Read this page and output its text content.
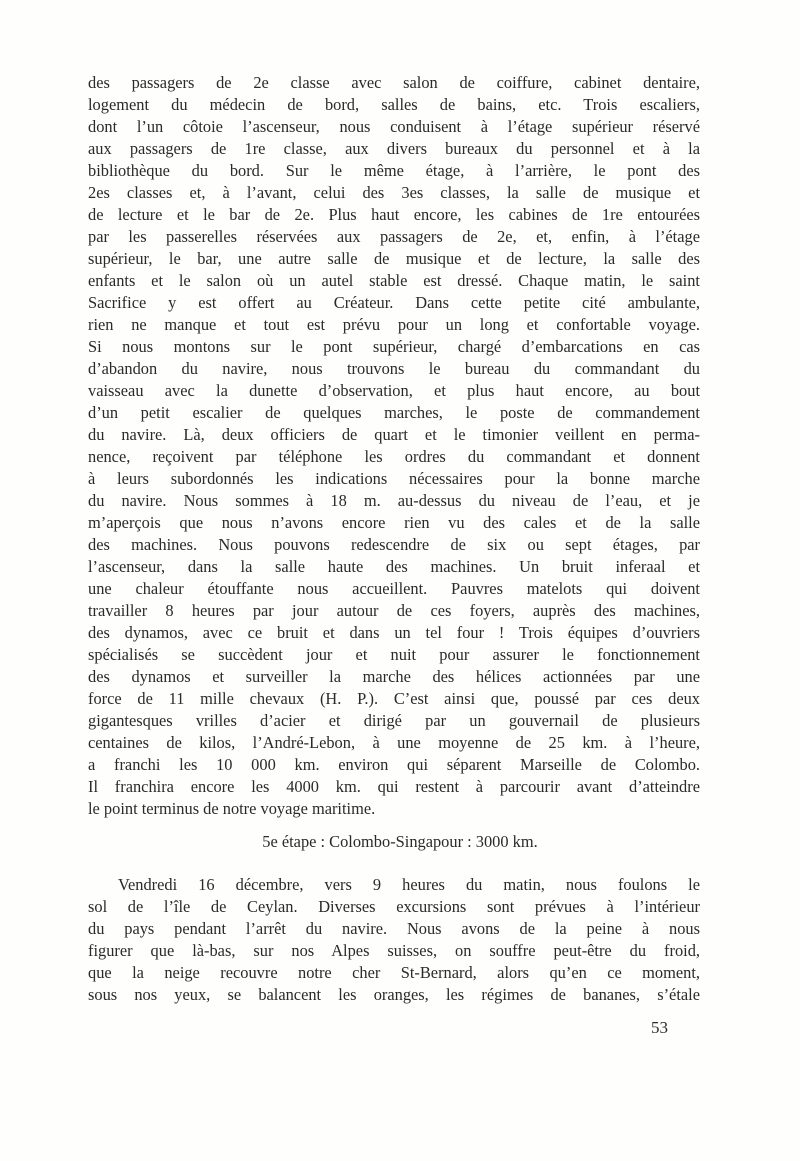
des passagers de 2e classe avec salon de coiffure, cabinet dentaire,
logement du médecin de bord, salles de bains, etc. Trois escaliers,
dont l’un côtoie l’ascenseur, nous conduisent à l’étage supérieur réservé
aux passagers de 1re classe, aux divers bureaux du personnel et à la
bibliothèque du bord. Sur le même étage, à l’arrière, le pont des
2es classes et, à l’avant, celui des 3es classes, la salle de musique et
de lecture et le bar de 2e. Plus haut encore, les cabines de 1re entourées
par les passerelles réservées aux passagers de 2e, et, enfin, à l’étage
supérieur, le bar, une autre salle de musique et de lecture, la salle des
enfants et le salon où un autel stable est dressé. Chaque matin, le saint
Sacrifice y est offert au Créateur. Dans cette petite cité ambulante,
rien ne manque et tout est prévu pour un long et confortable voyage.
Si nous montons sur le pont supérieur, chargé d’embarcations en cas
d’abandon du navire, nous trouvons le bureau du commandant du
vaisseau avec la dunette d’observation, et plus haut encore, au bout
d’un petit escalier de quelques marches, le poste de commandement
du navire. Là, deux officiers de quart et le timonier veillent en perma-
nence, reçoivent par téléphone les ordres du commandant et donnent
à leurs subordonnés les indications nécessaires pour la bonne marche
du navire. Nous sommes à 18 m. au-dessus du niveau de l’eau, et je
m’aperçois que nous n’avons encore rien vu des cales et de la salle
des machines. Nous pouvons redescendre de six ou sept étages, par
l’ascenseur, dans la salle haute des machines. Un bruit inferaal et
une chaleur étouffante nous accueillent. Pauvres matelots qui doivent
travailler 8 heures par jour autour de ces foyers, auprès des machines,
des dynamos, avec ce bruit et dans un tel four ! Trois équipes d’ouvriers
spécialisés se succèdent jour et nuit pour assurer le fonctionnement
des dynamos et surveiller la marche des hélices actionnées par une
force de 11 mille chevaux (H. P.). C’est ainsi que, poussé par ces deux
gigantesques vrilles d’acier et dirigé par un gouvernail de plusieurs
centaines de kilos, l’André-Lebon, à une moyenne de 25 km. à l’heure,
a franchi les 10 000 km. environ qui séparent Marseille de Colombo.
Il franchira encore les 4000 km. qui restent à parcourir avant d’atteindre
le point terminus de notre voyage maritime.
5e étape : Colombo-Singapour : 3000 km.
Vendredi 16 décembre, vers 9 heures du matin, nous foulons le
sol de l’île de Ceylan. Diverses excursions sont prévues à l’intérieur
du pays pendant l’arrêt du navire. Nous avons de la peine à nous
figurer que là-bas, sur nos Alpes suisses, on souffre peut-être du froid,
que la neige recouvre notre cher St-Bernard, alors qu’en ce moment,
sous nos yeux, se balancent les oranges, les régimes de bananes, s’étale
53
